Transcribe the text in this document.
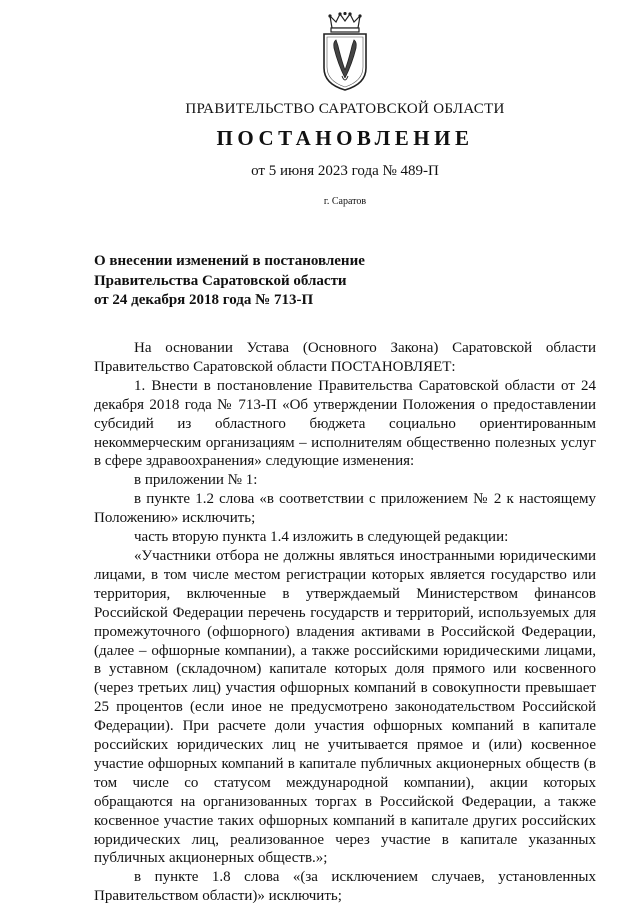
ПРАВИТЕЛЬСТВО САРАТОВСКОЙ ОБЛАСТИ
ПОСТАНОВЛЕНИЕ
от 5 июня 2023 года № 489-П
г. Саратов
О внесении изменений в постановление
Правительства Саратовской области
от 24 декабря 2018 года № 713-П

На основании Устава (Основного Закона) Саратовской области Правительство Саратовской области ПОСТАНОВЛЯЕТ:

1. Внести в постановление Правительства Саратовской области от 24 декабря 2018 года № 713-П «Об утверждении Положения о предоставлении субсидий из областного бюджета социально ориентированным некоммерческим организациям – исполнителям общественно полезных услуг в сфере здравоохранения» следующие изменения:

в приложении № 1:

в пункте 1.2 слова «в соответствии с приложением № 2 к настоящему Положению» исключить;

часть вторую пункта 1.4 изложить в следующей редакции:

«Участники отбора не должны являться иностранными юридическими лицами, в том числе местом регистрации которых является государство или территория, включенные в утверждаемый Министерством финансов Российской Федерации перечень государств и территорий, используемых для промежуточного (офшорного) владения активами в Российской Федерации, (далее – офшорные компании), а также российскими юридическими лицами, в уставном (складочном) капитале которых доля прямого или косвенного (через третьих лиц) участия офшорных компаний в совокупности превышает 25 процентов (если иное не предусмотрено законодательством Российской Федерации). При расчете доли участия офшорных компаний в капитале российских юридических лиц не учитывается прямое и (или) косвенное участие офшорных компаний в капитале публичных акционерных обществ (в том числе со статусом международной компании), акции которых обращаются на организованных торгах в Российской Федерации, а также косвенное участие таких офшорных компаний в капитале других российских юридических лиц, реализованное через участие в капитале указанных публичных акционерных обществ.»;

в пункте 1.8 слова «(за исключением случаев, установленных Правительством области)» исключить;
